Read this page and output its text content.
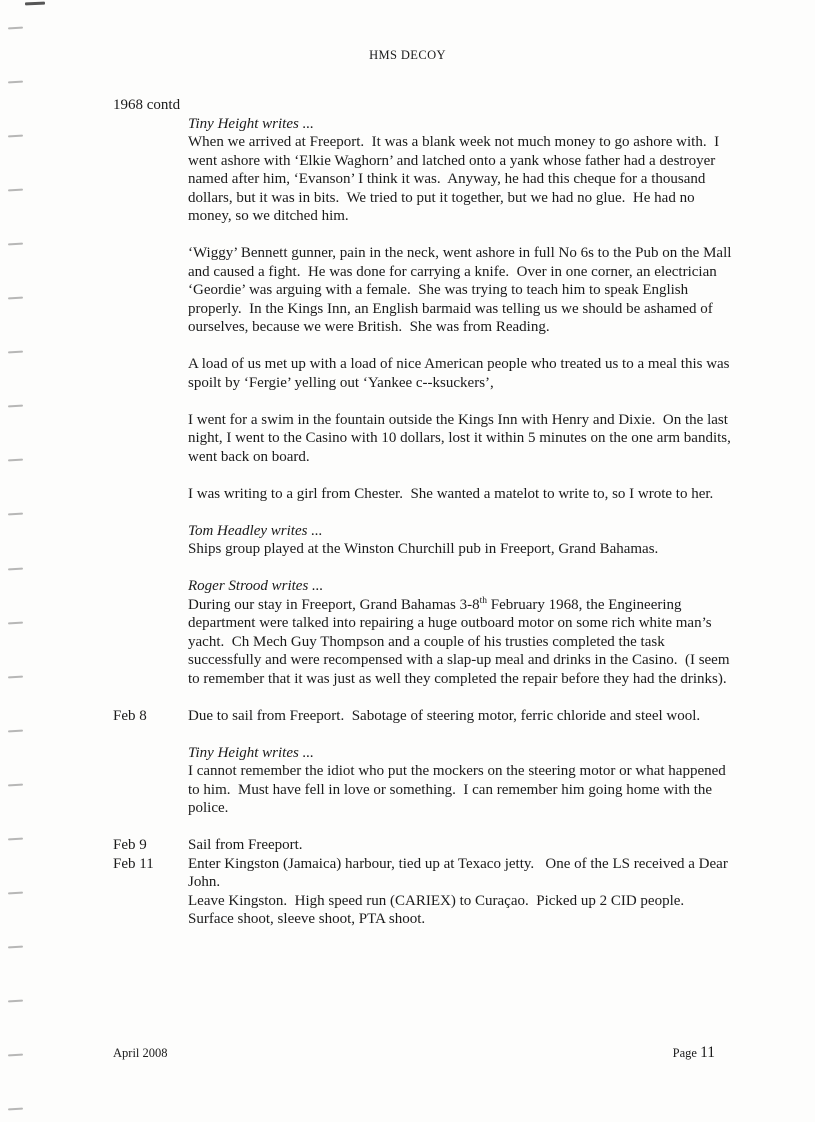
HMS DECOY
1968 contd
Tiny Height writes ...
When we arrived at Freeport.  It was a blank week not much money to go ashore with.  I went ashore with ‘Elkie Waghorn’ and latched onto a yank whose father had a destroyer named after him, ‘Evanson’ I think it was.  Anyway, he had this cheque for a thousand dollars, but it was in bits.  We tried to put it together, but we had no glue.  He had no money, so we ditched him.
‘Wiggy’ Bennett gunner, pain in the neck, went ashore in full No 6s to the Pub on the Mall and caused a fight.  He was done for carrying a knife.  Over in one corner, an electrician ‘Geordie’ was arguing with a female.  She was trying to teach him to speak English properly.  In the Kings Inn, an English barmaid was telling us we should be ashamed of ourselves, because we were British.  She was from Reading.
A load of us met up with a load of nice American people who treated us to a meal this was spoilt by ‘Fergie’ yelling out ‘Yankee c--ksuckers’,
I went for a swim in the fountain outside the Kings Inn with Henry and Dixie.  On the last night, I went to the Casino with 10 dollars, lost it within 5 minutes on the one arm bandits, went back on board.
I was writing to a girl from Chester.  She wanted a matelot to write to, so I wrote to her.
Tom Headley writes ...
Ships group played at the Winston Churchill pub in Freeport, Grand Bahamas.
Roger Strood writes ...
During our stay in Freeport, Grand Bahamas 3-8th February 1968, the Engineering department were talked into repairing a huge outboard motor on some rich white man’s yacht.  Ch Mech Guy Thompson and a couple of his trusties completed the task successfully and were recompensed with a slap-up meal and drinks in the Casino.  (I seem to remember that it was just as well they completed the repair before they had the drinks).
Feb 8	Due to sail from Freeport.  Sabotage of steering motor, ferric chloride and steel wool.
Tiny Height writes ...
I cannot remember the idiot who put the mockers on the steering motor or what happened to him.  Must have fell in love or something.  I can remember him going home with the police.
Feb 9	Sail from Freeport.
Feb 11	Enter Kingston (Jamaica) harbour, tied up at Texaco jetty.   One of the LS received a Dear John.
Leave Kingston.  High speed run (CARIEX) to Curaçao.  Picked up 2 CID people.
Surface shoot, sleeve shoot, PTA shoot.
April 2008	Page 11
